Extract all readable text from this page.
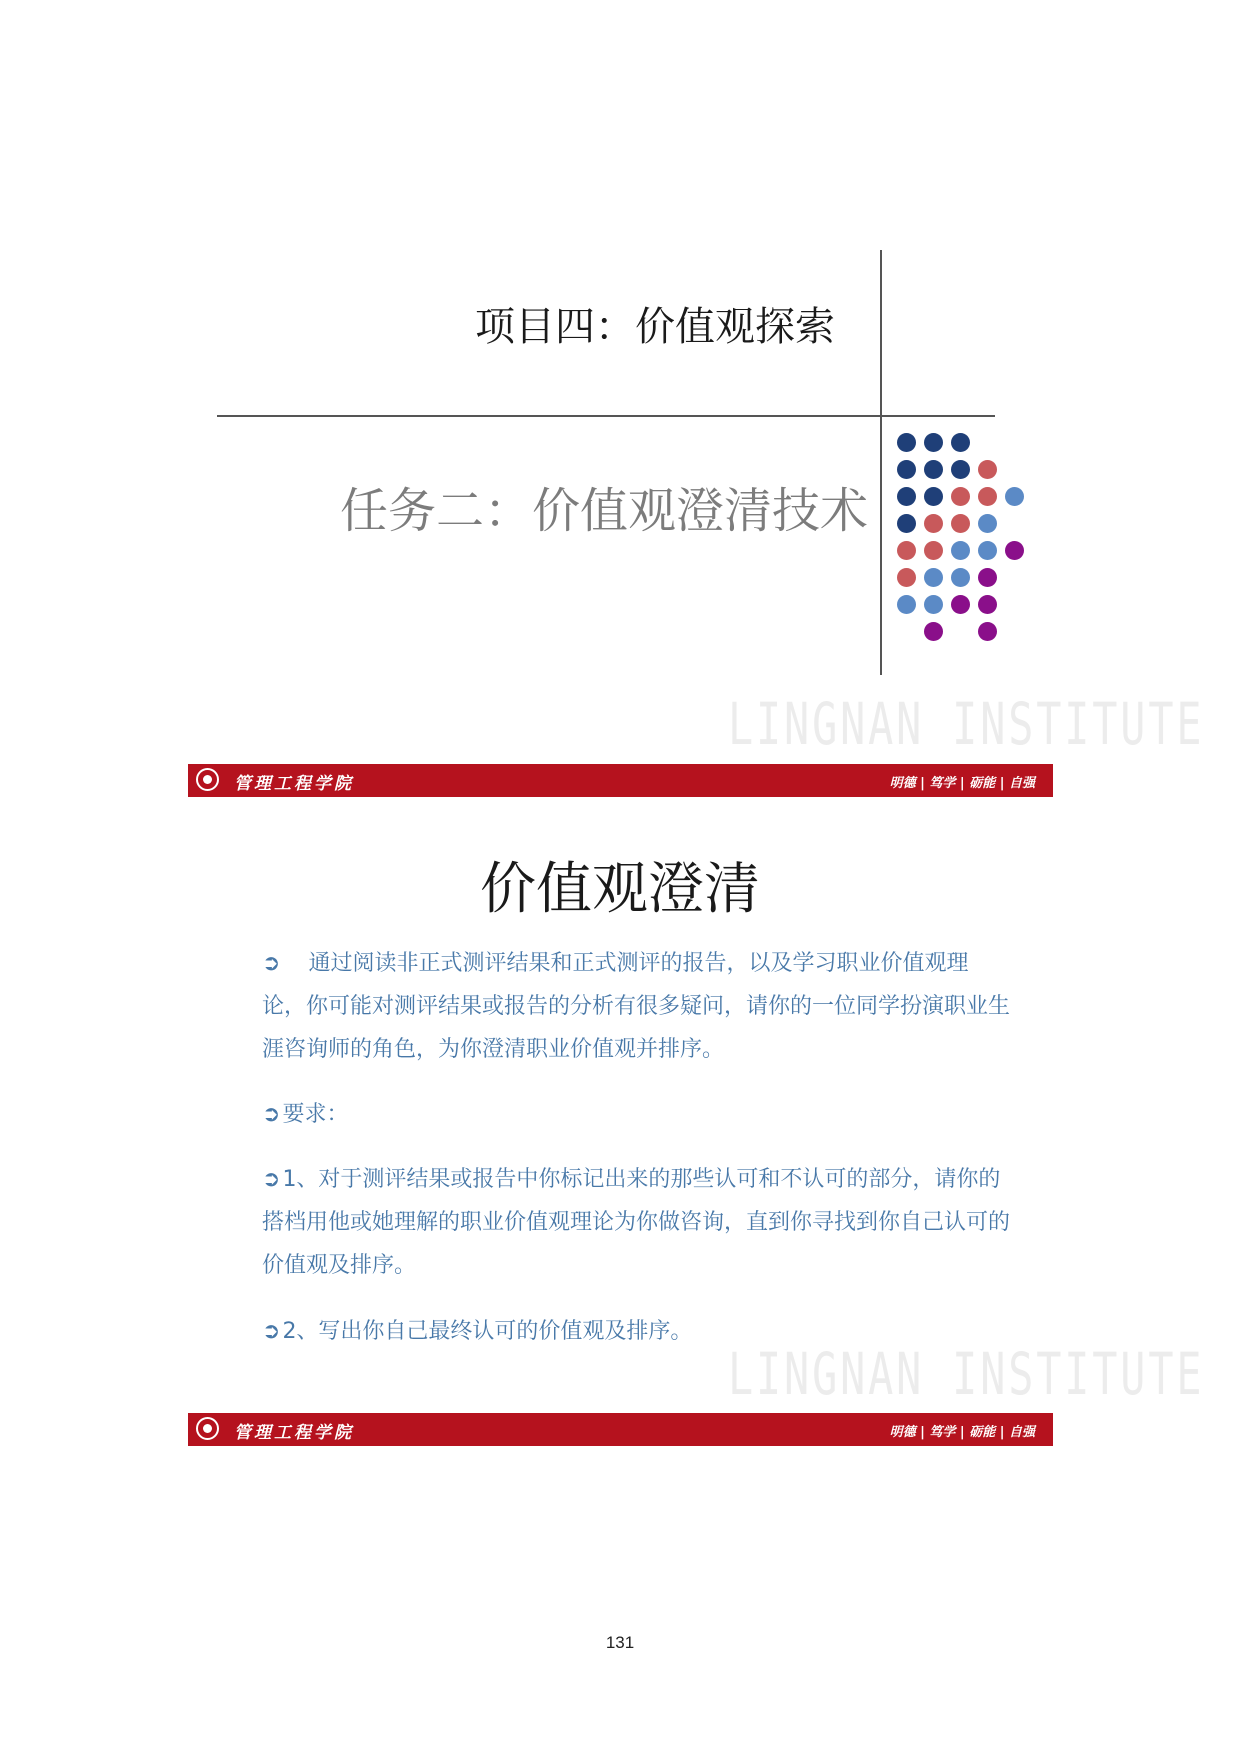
项目四：价值观探索
任务二：价值观澄清技术
LINGNAN INSTITUTE
管理工程学院	明德 | 笃学 | 砺能 | 自强
价值观澄清
➲ 通过阅读非正式测评结果和正式测评的报告，以及学习职业价值观理论，你可能对测评结果或报告的分析有很多疑问，请你的一位同学扮演职业生涯咨询师的角色，为你澄清职业价值观并排序。
➲要求：
➲1、对于测评结果或报告中你标记出来的那些认可和不认可的部分，请你的搭档用他或她理解的职业价值观理论为你做咨询，直到你寻找到你自己认可的价值观及排序。
➲2、写出你自己最终认可的价值观及排序。
LINGNAN INSTITUTE
管理工程学院	明德 | 笃学 | 砺能 | 自强
131
